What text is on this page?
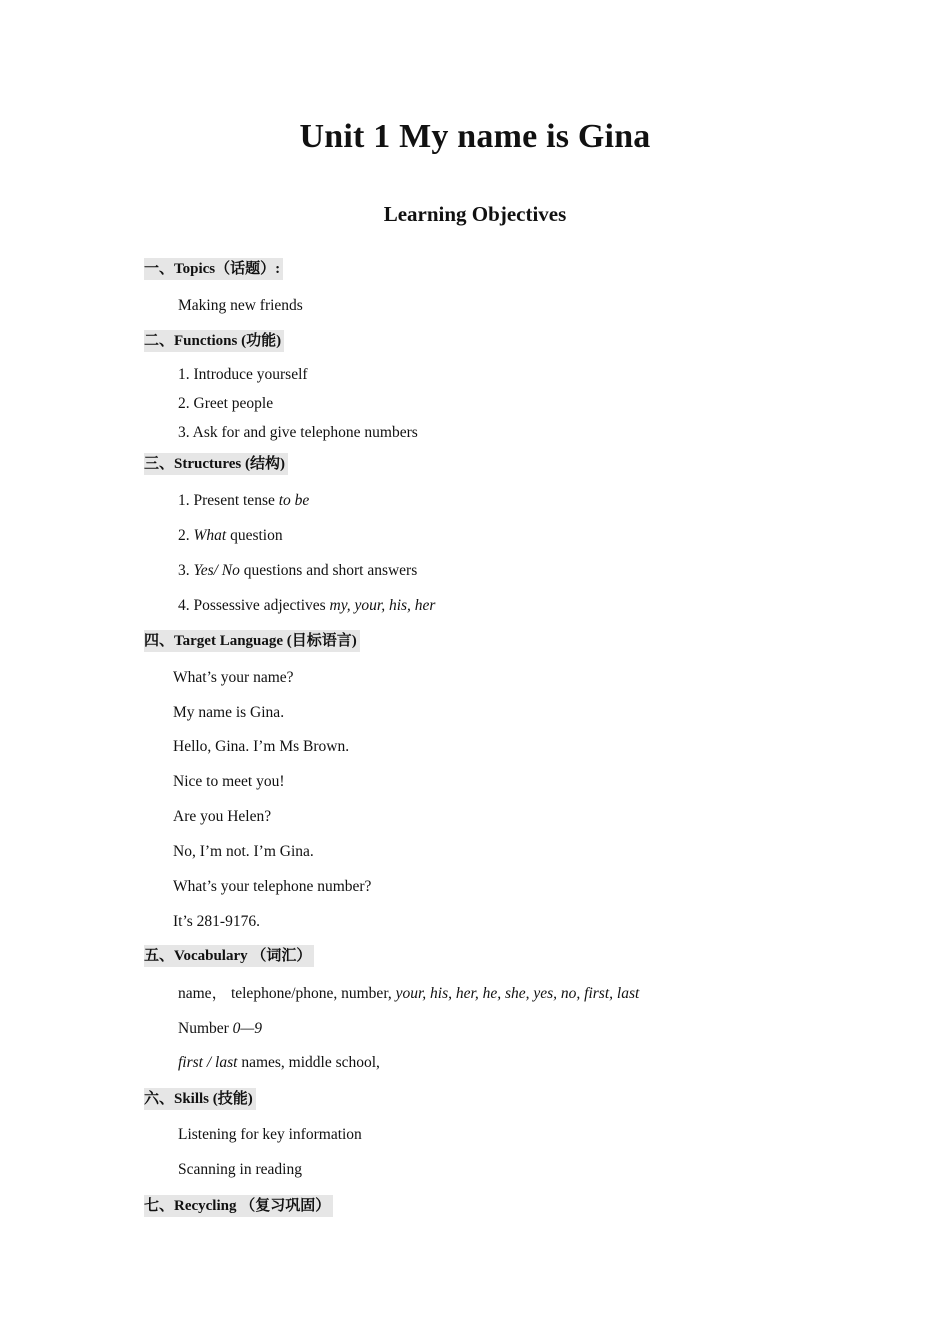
Unit 1 My name is Gina
Learning Objectives
一、Topics（话题）:
Making new friends
二、Functions (功能)
1. Introduce yourself
2. Greet people
3. Ask for and give telephone numbers
三、Structures (结构)
1. Present tense to be
2. What question
3. Yes/ No questions and short answers
4. Possessive adjectives my, your, his, her
四、Target Language (目标语言)
What’s your name?
My name is Gina.
Hello, Gina. I’m Ms Brown.
Nice to meet you!
Are you Helen?
No, I’m not. I’m Gina.
What’s your telephone number?
It’s 281-9176.
五、Vocabulary （词汇）
name， telephone/phone, number, your, his, her, he, she, yes, no, first, last
Number 0—9
first / last names, middle school,
六、Skills (技能)
Listening for key information
Scanning in reading
七、Recycling （复习巩固）
